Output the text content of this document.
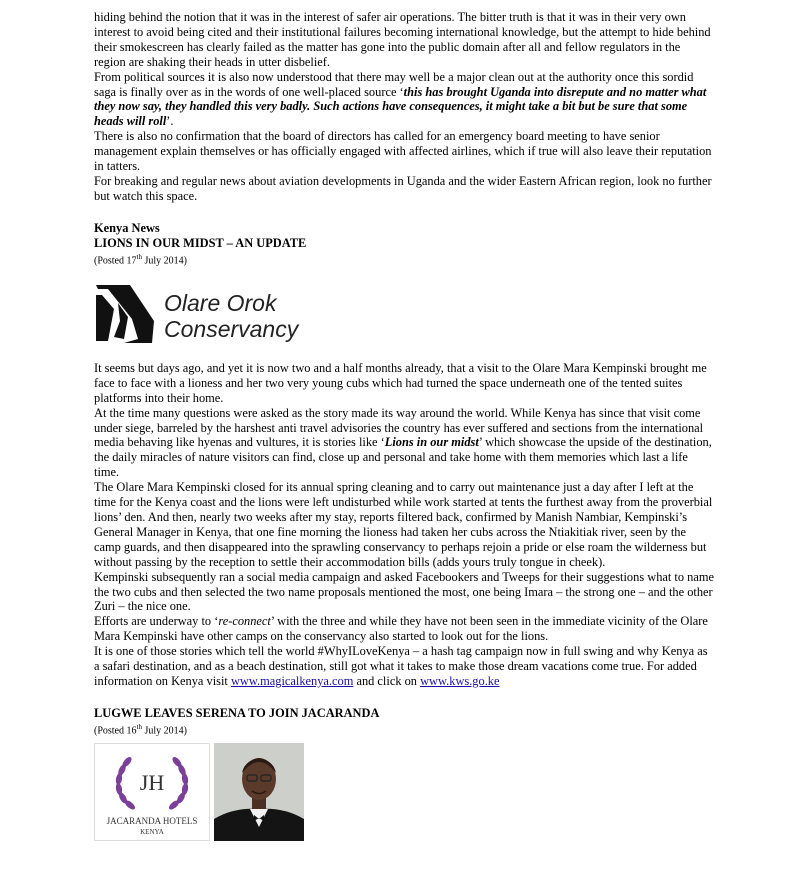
hiding behind the notion that it was in the interest of safer air operations. The bitter truth is that it was in their very own interest to avoid being cited and their institutional failures becoming international knowledge, but the attempt to hide behind their smokescreen has clearly failed as the matter has gone into the public domain after all and fellow regulators in the region are shaking their heads in utter disbelief.

From political sources it is also now understood that there may well be a major clean out at the authority once this sordid saga is finally over as in the words of one well-placed source ‘this has brought Uganda into disrepute and no matter what they now say, they handled this very badly. Such actions have consequences, it might take a bit but be sure that some heads will roll’.

There is also no confirmation that the board of directors has called for an emergency board meeting to have senior management explain themselves or has officially engaged with affected airlines, which if true will also leave their reputation in tatters.

For breaking and regular news about aviation developments in Uganda and the wider Eastern African region, look no further but watch this space.

Kenya News

LIONS IN OUR MIDST – AN UPDATE

(Posted 17th July 2014)

Olare Orok
Conservancy

It seems but days ago, and yet it is now two and a half months already, that a visit to the Olare Mara Kempinski brought me face to face with a lioness and her two very young cubs which had turned the space underneath one of the tented suites platforms into their home.

At the time many questions were asked as the story made its way around the world. While Kenya has since that visit come under siege, barreled by the harshest anti travel advisories the country has ever suffered and sections from the international media behaving like hyenas and vultures, it is stories like ‘Lions in our midst’ which showcase the upside of the destination, the daily miracles of nature visitors can find, close up and personal and take home with them memories which last a life time.

The Olare Mara Kempinski closed for its annual spring cleaning and to carry out maintenance just a day after I left at the time for the Kenya coast and the lions were left undisturbed while work started at tents the furthest away from the proverbial lions’ den. And then, nearly two weeks after my stay, reports filtered back, confirmed by Manish Nambiar, Kempinski’s General Manager in Kenya, that one fine morning the lioness had taken her cubs across the Ntiakitiak river, seen by the camp guards, and then disappeared into the sprawling conservancy to perhaps rejoin a pride or else roam the wilderness but without passing by the reception to settle their accommodation bills (adds yours truly tongue in cheek).

Kempinski subsequently ran a social media campaign and asked Facebookers and Tweeps for their suggestions what to name the two cubs and then selected the two name proposals mentioned the most, one being Imara – the strong one – and the other Zuri – the nice one.

Efforts are underway to ‘re-connect’ with the three and while they have not been seen in the immediate vicinity of the Olare Mara Kempinski have other camps on the conservancy also started to look out for the lions.

It is one of those stories which tell the world #WhyILoveKenya – a hash tag campaign now in full swing and why Kenya as a safari destination, and as a beach destination, still got what it takes to make those dream vacations come true. For added information on Kenya visit www.magicalkenya.com and click on www.kws.go.ke

LUGWE LEAVES SERENA TO JOIN JACARANDA

(Posted 16th July 2014)

JH
JACARANDA HOTELS
KENYA
